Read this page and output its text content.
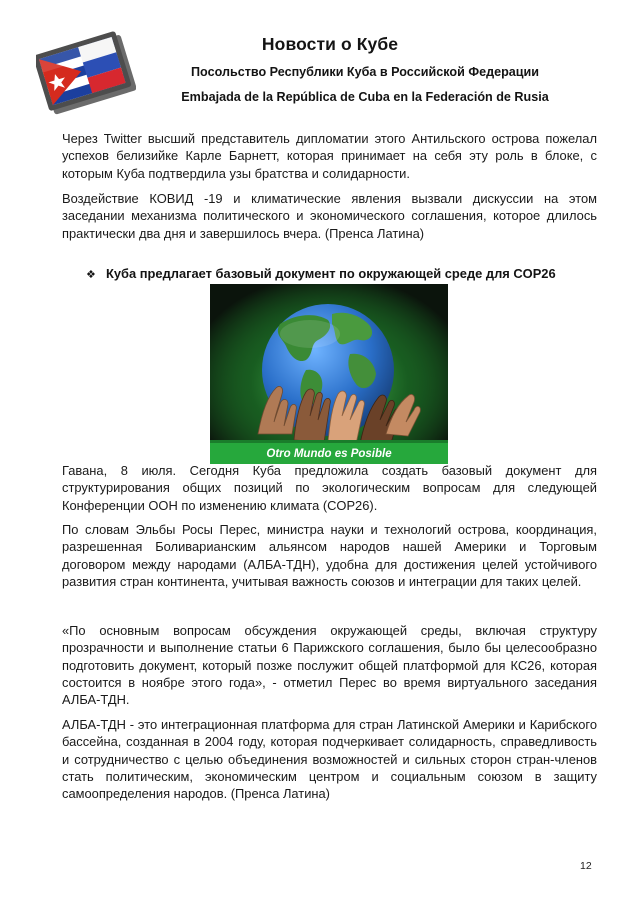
Новости о Кубе
Посольство Республики Куба в Российской Федерации
Embajada de la República de Cuba en la Federación de Rusia

Через Twitter высший представитель дипломатии этого Антильского острова пожелал успехов белизийке Карле Барнетт, которая принимает на себя эту роль в блоке, с которым Куба подтвердила узы братства и солидарности.

Воздействие КОВИД -19 и климатические явления вызвали дискуссии на этом заседании механизма политического и экономического соглашения, которое длилось практически два дня и завершилось вчера. (Пренса Латина)

❖ Куба предлагает базовый документ по окружающей среде для COP26
Otro Mundo es Posible

Гавана, 8 июля. Сегодня Куба предложила создать базовый документ для структурирования общих позиций по экологическим вопросам для следующей Конференции ООН по изменению климата (COP26).

По словам Эльбы Росы Перес, министра науки и технологий острова, координация, разрешенная Боливарианским альянсом народов нашей Америки и Торговым договором между народами (АЛБА-ТДН), удобна для достижения целей устойчивого развития стран континента, учитывая важность союзов и интеграции для таких целей.

«По основным вопросам обсуждения окружающей среды, включая структуру прозрачности и выполнение статьи 6 Парижского соглашения, было бы целесообразно подготовить документ, который позже послужит общей платформой для КС26, которая состоится в ноябре этого года», - отметил Перес во время виртуального заседания АЛБА-ТДН.

АЛБА-ТДН - это интеграционная платформа для стран Латинской Америки и Карибского бассейна, созданная в 2004 году, которая подчеркивает солидарность, справедливость и сотрудничество с целью объединения возможностей и сильных сторон стран-членов стать политическим, экономическим центром и социальным союзом в защиту самоопределения народов. (Пренса Латина)

12
